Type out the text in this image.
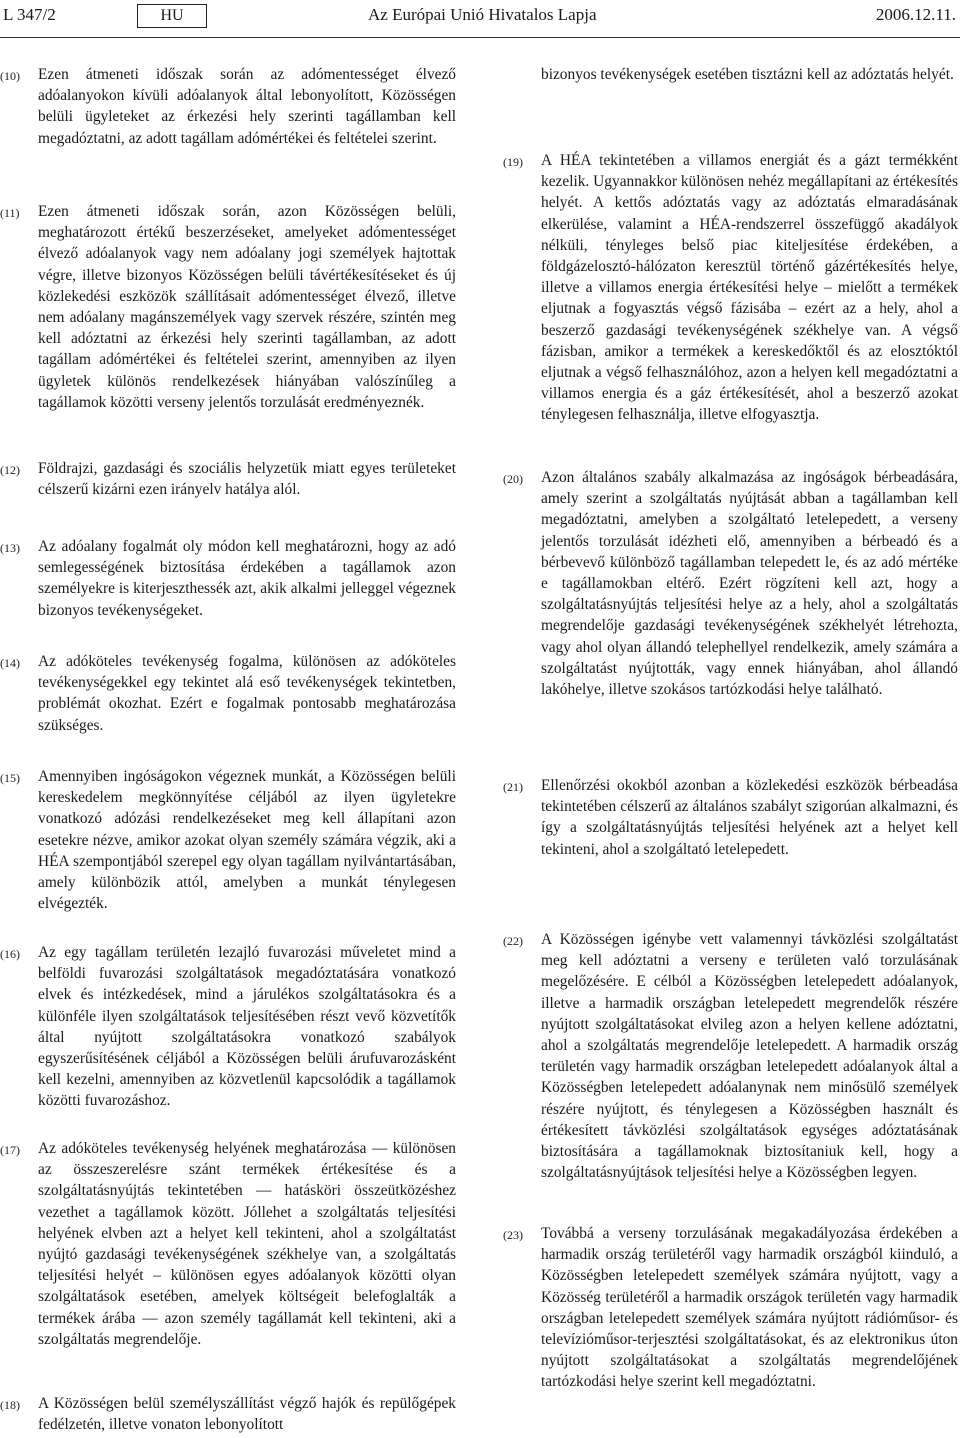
L 347/2	HU	Az Európai Unió Hivatalos Lapja	2006.12.11.
(10)	Ezen átmeneti időszak során az adómentességet élvező adóalanyokon kívüli adóalanyok által lebonyolított, Közösségen belüli ügyleteket az érkezési hely szerinti tagállamban kell megadóztatni, az adott tagállam adómértékei és feltételei szerint.
(11)	Ezen átmeneti időszak során, azon Közösségen belüli, meghatározott értékű beszerzéseket, amelyeket adómentességet élvező adóalanyok vagy nem adóalany jogi személyek hajtottak végre, illetve bizonyos Közösségen belüli távértékesítéseket és új közlekedési eszközök szállításait adómentességet élvező, illetve nem adóalany magánszemélyek vagy szervek részére, szintén meg kell adóztatni az érkezési hely szerinti tagállamban, az adott tagállam adómértékei és feltételei szerint, amennyiben az ilyen ügyletek különös rendelkezések hiányában valószínűleg a tagállamok közötti verseny jelentős torzulását eredményeznék.
(12)	Földrajzi, gazdasági és szociális helyzetük miatt egyes területeket célszerű kizárni ezen irányelv hatálya alól.
(13)	Az adóalany fogalmát oly módon kell meghatározni, hogy az adó semlegességének biztosítása érdekében a tagállamok azon személyekre is kiterjeszthessék azt, akik alkalmi jelleggel végeznek bizonyos tevékenységeket.
(14)	Az adóköteles tevékenység fogalma, különösen az adóköteles tevékenységekkel egy tekintet alá eső tevékenységek tekintetben, problémát okozhat. Ezért e fogalmak pontosabb meghatározása szükséges.
(15)	Amennyiben ingóságokon végeznek munkát, a Közösségen belüli kereskedelem megkönnyítése céljából az ilyen ügyletekre vonatkozó adózási rendelkezéseket meg kell állapítani azon esetekre nézve, amikor azokat olyan személy számára végzik, aki a HÉA szempontjából szerepel egy olyan tagállam nyilvántartásában, amely különbözik attól, amelyben a munkát ténylegesen elvégezték.
(16)	Az egy tagállam területén lezajló fuvarozási műveletet mind a belföldi fuvarozási szolgáltatások megadóztatására vonatkozó elvek és intézkedések, mind a járulékos szolgáltatásokra és a különféle ilyen szolgáltatások teljesítésében részt vevő közvetítők által nyújtott szolgáltatásokra vonatkozó szabályok egyszerűsítésének céljából a Közösségen belüli árufuvarozásként kell kezelni, amennyiben az közvetlenül kapcsolódik a tagállamok közötti fuvarozáshoz.
(17)	Az adóköteles tevékenység helyének meghatározása — különösen az összeszerelésre szánt termékek értékesítése és a szolgáltatásnyújtás tekintetében — hatásköri összeütközéshez vezethet a tagállamok között. Jóllehet a szolgáltatás teljesítési helyének elvben azt a helyet kell tekinteni, ahol a szolgáltatást nyújtó gazdasági tevékenységének székhelye van, a szolgáltatás teljesítési helyét – különösen egyes adóalanyok közötti olyan szolgáltatások esetében, amelyek költségeit belefoglalták a termékek árába — azon személy tagállamát kell tekinteni, aki a szolgáltatás megrendelője.
(18)	A Közösségen belül személyszállítást végző hajók és repülőgépek fedélzetén, illetve vonaton lebonyolított
bizonyos tevékenységek esetében tisztázni kell az adóztatás helyét.
(19)	A HÉA tekintetében a villamos energiát és a gázt termékként kezelik. Ugyannakkor különösen nehéz megállapítani az értékesítés helyét. A kettős adóztatás vagy az adóztatás elmaradásának elkerülése, valamint a HÉA-rendszerrel összefüggő akadályok nélküli, tényleges belső piac kiteljesítése érdekében, a földgázelosztó-hálózaton keresztül történő gázértékesítés helye, illetve a villamos energia értékesítési helye – mielőtt a termékek eljutnak a fogyasztás végső fázisába – ezért az a hely, ahol a beszerző gazdasági tevékenységének székhelye van. A végső fázisban, amikor a termékek a kereskedőktől és az elosztóktól eljutnak a végső felhasználóhoz, azon a helyen kell megadóztatni a villamos energia és a gáz értékesítését, ahol a beszerző azokat ténylegesen felhasználja, illetve elfogyasztja.
(20)	Azon általános szabály alkalmazása az ingóságok bérbeadására, amely szerint a szolgáltatás nyújtását abban a tagállamban kell megadóztatni, amelyben a szolgáltató letelepedett, a verseny jelentős torzulását idézheti elő, amennyiben a bérbeadó és a bérbevevő különböző tagállamban telepedett le, és az adó mértéke e tagállamokban eltérő. Ezért rögzíteni kell azt, hogy a szolgáltatásnyújtás teljesítési helye az a hely, ahol a szolgáltatás megrendelője gazdasági tevékenységének székhelyét létrehozta, vagy ahol olyan állandó telephellyel rendelkezik, amely számára a szolgáltatást nyújtották, vagy ennek hiányában, ahol állandó lakóhelye, illetve szokásos tartózkodási helye található.
(21)	Ellenőrzési okokból azonban a közlekedési eszközök bérbeadása tekintetében célszerű az általános szabályt szigorúan alkalmazni, és így a szolgáltatásnyújtás teljesítési helyének azt a helyet kell tekinteni, ahol a szolgáltató letelepedett.
(22)	A Közösségen igénybe vett valamennyi távközlési szolgáltatást meg kell adóztatni a verseny e területen való torzulásának megelőzésére. E célból a Közösségben letelepedett adóalanyok, illetve a harmadik országban letelepedett megrendelők részére nyújtott szolgáltatásokat elvileg azon a helyen kellene adóztatni, ahol a szolgáltatás megrendelője letelepedett. A harmadik ország területén vagy harmadik országban letelepedett adóalanyok által a Közösségben letelepedett adóalanynak nem minősülő személyek részére nyújtott, és ténylegesen a Közösségben használt és értékesített távközlési szolgáltatások egységes adóztatásának biztosítására a tagállamoknak biztosítaniuk kell, hogy a szolgáltatásnyújtások teljesítési helye a Közösségben legyen.
(23)	Továbbá a verseny torzulásának megakadályozása érdekében a harmadik ország területéről vagy harmadik országból kiinduló, a Közösségben letelepedett személyek számára nyújtott, vagy a Közösség területéről a harmadik országok területén vagy harmadik országban letelepedett személyek számára nyújtott rádióműsor- és televízióműsor-terjesztési szolgáltatásokat, és az elektronikus úton nyújtott szolgáltatásokat a szolgáltatás megrendelőjének tartózkodási helye szerint kell megadóztatni.
